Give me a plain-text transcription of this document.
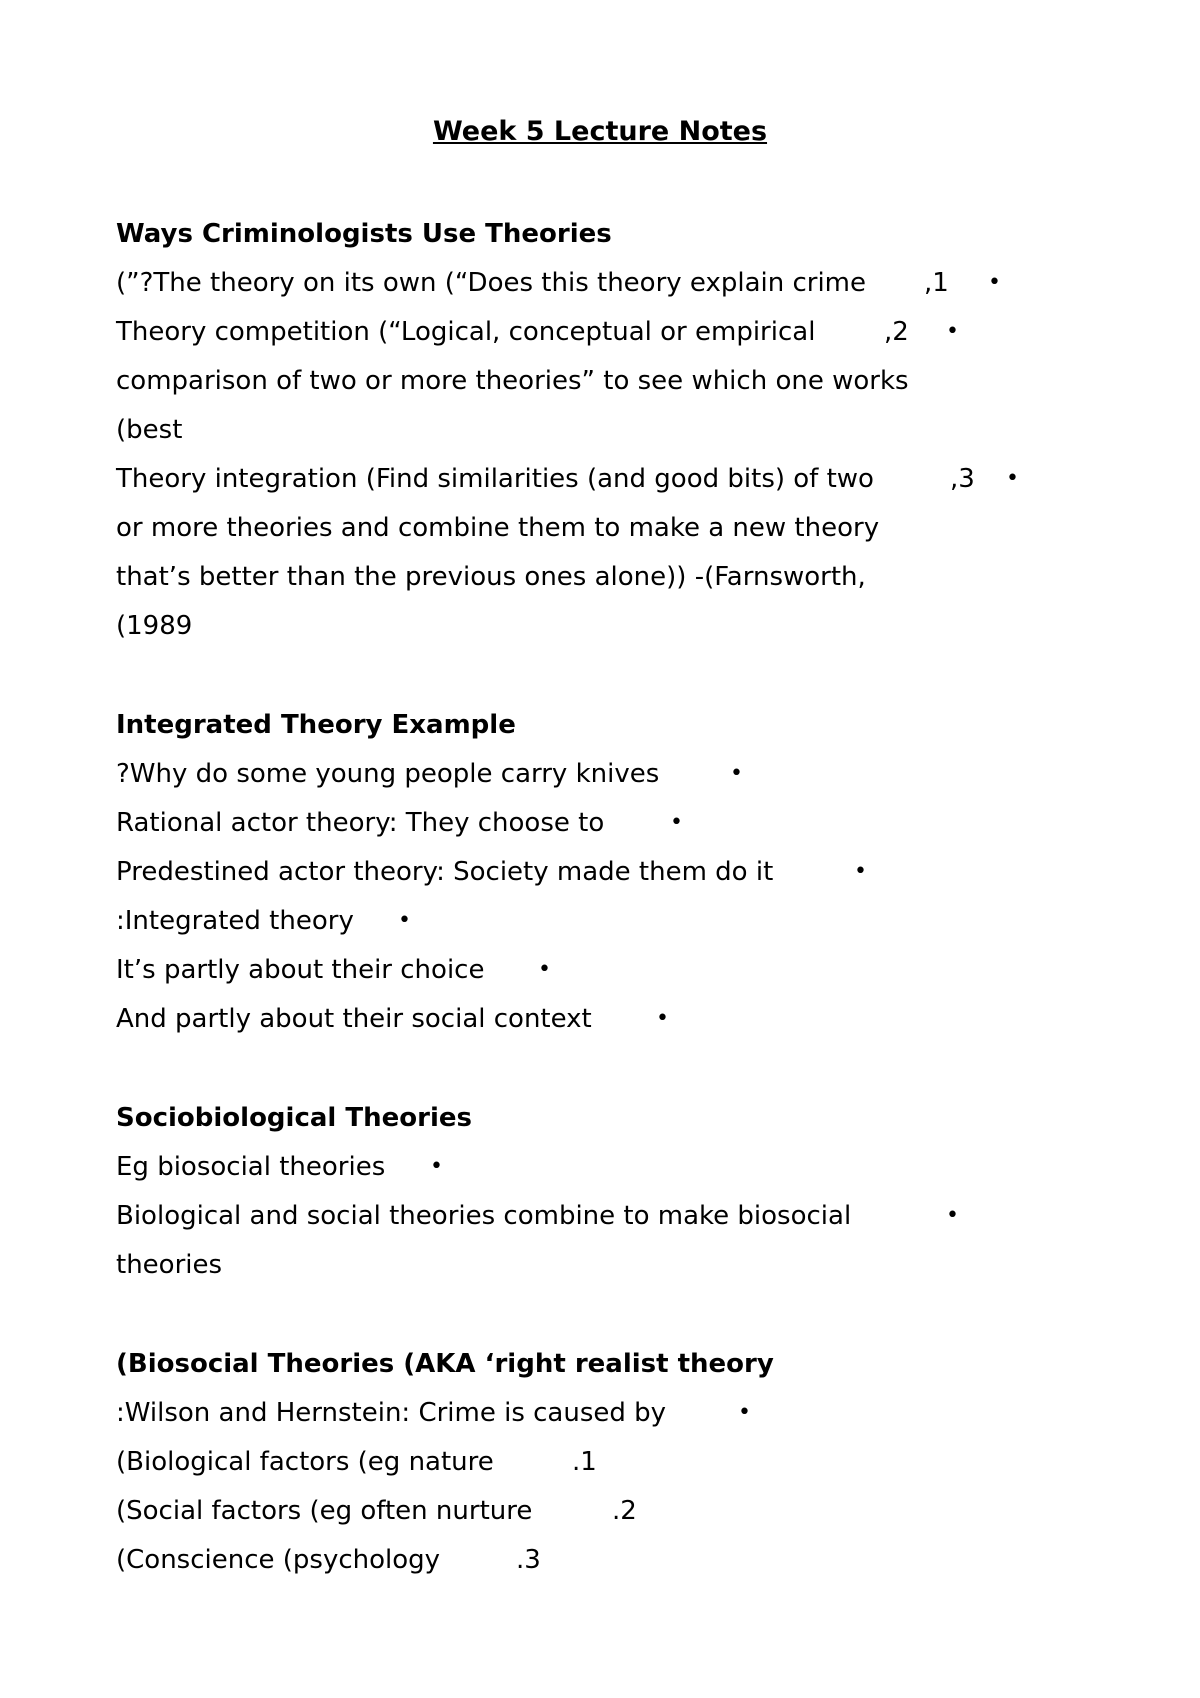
Week 5 Lecture Notes
Ways Criminologists Use Theories
(”?The theory on its own (“Does this theory explain crime ,1 •
Theory competition (“Logical, conceptual or empirical	,2 •
comparison of two or more theories” to see which one works
(best
Theory integration (Find similarities (and good bits) of two	,3 •
or more theories and combine them to make a new theory
that’s better than the previous ones alone)) -(Farnsworth,
(1989
Integrated Theory Example
?Why do some young people carry knives	•
Rational actor theory: They choose to	•
Predestined actor theory: Society made them do it	•
:Integrated theory •
It’s partly about their choice •
And partly about their social context	•
Sociobiological Theories
Eg biosocial theories •
Biological and social theories combine to make biosocial	•
theories
(Biosocial Theories (AKA ‘right realist theory
:Wilson and Hernstein: Crime is caused by	•
(Biological factors (eg nature	.1
(Social factors (eg often nurture	.2
(Conscience (psychology	.3
